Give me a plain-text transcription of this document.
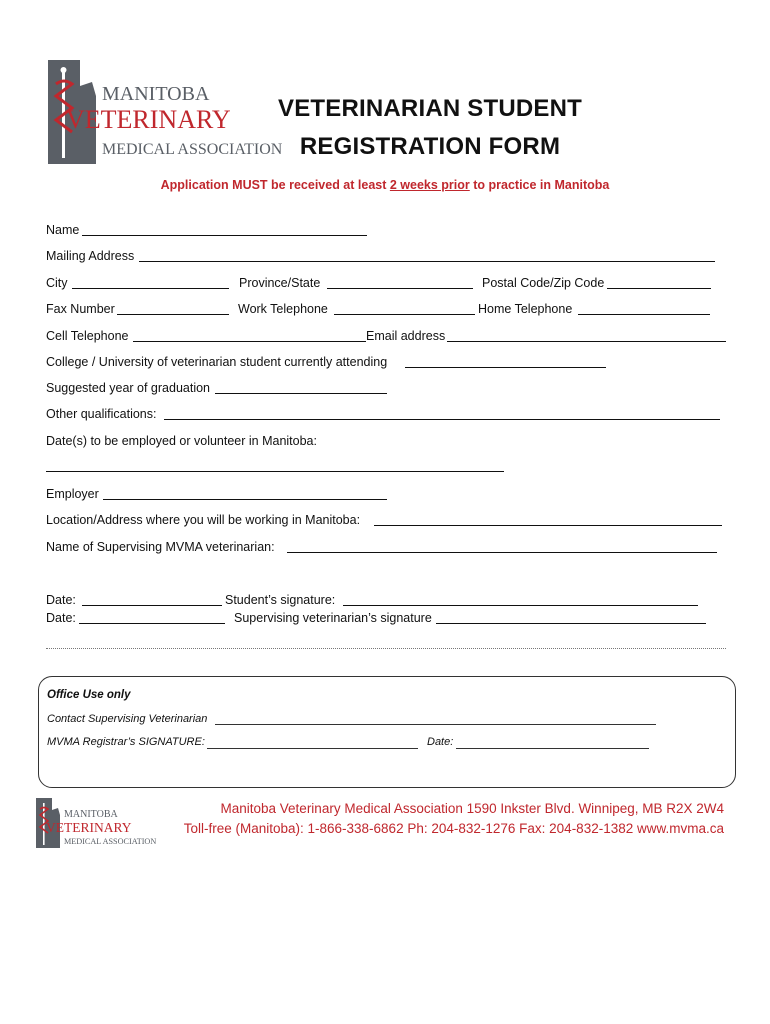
MANITOBA
VETERINARY
MEDICAL ASSOCIATION
VETERINARIAN STUDENT
REGISTRATION FORM
Application MUST be received at least 2 weeks prior to practice in Manitoba
Name
Mailing Address
City	Province/State	Postal Code/Zip Code
Fax Number	Work Telephone	Home Telephone
Cell Telephone	Email address
College / University of veterinarian student currently attending
Suggested year of graduation
Other qualifications:
Date(s) to be employed or volunteer in Manitoba:
Employer
Location/Address where you will be working in Manitoba:
Name of Supervising MVMA veterinarian:
Date:	Student’s signature:
Date:	Supervising veterinarian’s signature
Office Use only
Contact Supervising Veterinarian
MVMA Registrar’s SIGNATURE:	Date:
MANITOBA
VETERINARY
MEDICAL ASSOCIATION
Manitoba Veterinary Medical Association 1590 Inkster Blvd. Winnipeg, MB R2X 2W4
Toll-free (Manitoba): 1-866-338-6862 Ph: 204-832-1276 Fax: 204-832-1382 www.mvma.ca
